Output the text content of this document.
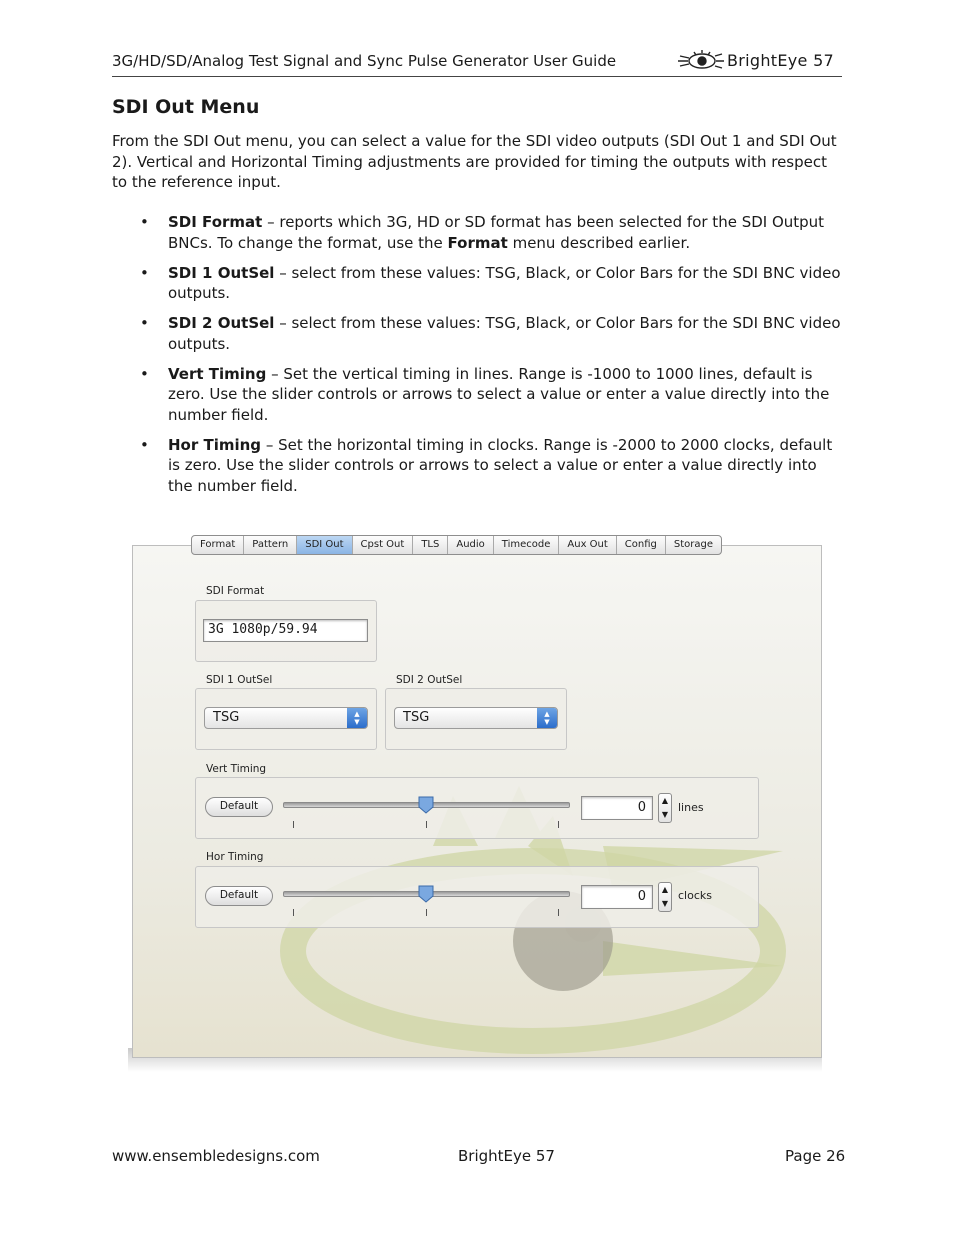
3G/HD/SD/Analog Test Signal and Sync Pulse Generator User Guide	BrightEye 57
SDI Out Menu
From the SDI Out menu, you can select a value for the SDI video outputs (SDI Out 1 and SDI Out 2). Vertical and Horizontal Timing adjustments are provided for timing the outputs with respect to the reference input.
• SDI Format – reports which 3G, HD or SD format has been selected for the SDI Output BNCs. To change the format, use the Format menu described earlier.
• SDI 1 OutSel – select from these values: TSG, Black, or Color Bars for the SDI BNC video outputs.
• SDI 2 OutSel – select from these values: TSG, Black, or Color Bars for the SDI BNC video outputs.
• Vert Timing – Set the vertical timing in lines. Range is -1000 to 1000 lines, default is zero. Use the slider controls or arrows to select a value or enter a value directly into the number field.
• Hor Timing – Set the horizontal timing in clocks. Range is -2000 to 2000 clocks, default is zero. Use the slider controls or arrows to select a value or enter a value directly into the number field.
Format	Pattern	SDI Out	Cpst Out	TLS	Audio	Timecode	Aux Out	Config	Storage
SDI Format
3G 1080p/59.94
SDI 1 OutSel
TSG	▲
▼
SDI 2 OutSel
TSG	▲
▼
Vert Timing
Default	0	▲
▼
lines
Hor Timing
Default	0	▲
▼
clocks
www.ensembledesigns.com	BrightEye 57	Page 26
